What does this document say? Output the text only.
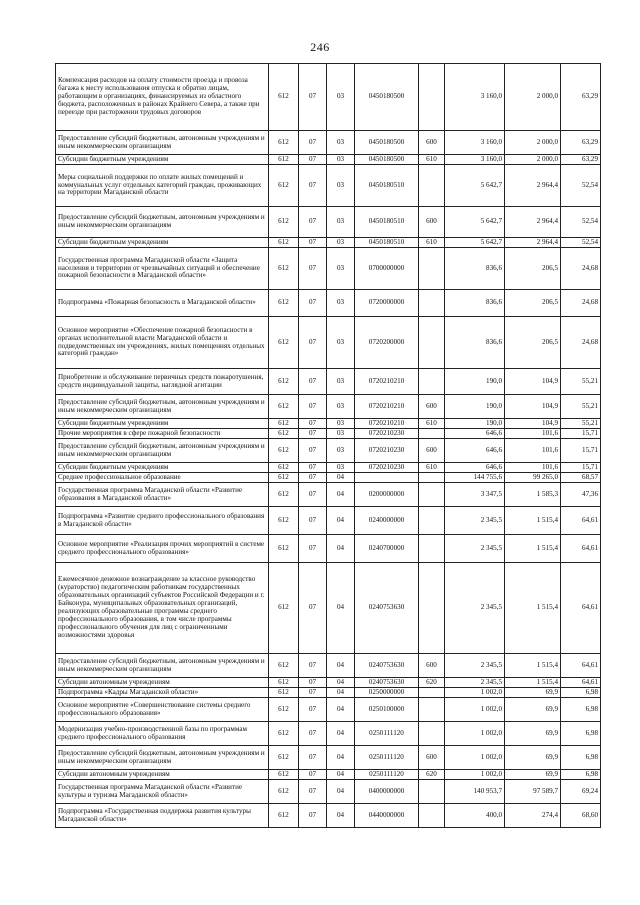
246
Компенсация расходов на оплату стоимости проезда и провоза багажа к месту использования отпуска и обратно лицам, работающим в организациях, финансируемых из областного бюджета, расположенных в районах Крайнего Севера, а также при переезде при расторжении трудовых договоров	612	07	03	0450180500		3 160,0	2 000,0	63,29
Предоставление субсидий бюджетным, автономным учреждениям и иным некоммерческим организациям	612	07	03	0450180500	600	3 160,0	2 000,0	63,29
Субсидии бюджетным учреждениям	612	07	03	0450180500	610	3 160,0	2 000,0	63,29
Меры социальной поддержки по оплате жилых помещений и коммунальных услуг отдельных категорий граждан, проживающих на территории Магаданской области	612	07	03	0450180510		5 642,7	2 964,4	52,54
Предоставление субсидий бюджетным, автономным учреждениям и иным некоммерческим организациям	612	07	03	0450180510	600	5 642,7	2 964,4	52,54
Субсидии бюджетным учреждениям	612	07	03	0450180510	610	5 642,7	2 964,4	52,54
Государственная программа Магаданской области «Защита населения и территории от чрезвычайных ситуаций и обеспечение пожарной безопасности в Магаданской области»	612	07	03	0700000000		836,6	206,5	24,68
Подпрограмма «Пожарная безопасность в Магаданской области»	612	07	03	0720000000		836,6	206,5	24,68
Основное мероприятие «Обеспечение пожарной безопасности в органах исполнительной власти Магаданской области и подведомственных им учреждениях, жилых помещениях отдельных категорий граждан»	612	07	03	0720200000		836,6	206,5	24,68
Приобретение и обслуживание первичных средств пожаротушения, средств индивидуальной защиты, наглядной агитации	612	07	03	0720210210		190,0	104,9	55,21
Предоставление субсидий бюджетным, автономным учреждениям и иным некоммерческим организациям	612	07	03	0720210210	600	190,0	104,9	55,21
Субсидии бюджетным учреждениям	612	07	03	0720210210	610	190,0	104,9	55,21
Прочие мероприятия в сфере пожарной безопасности	612	07	03	0720210230		646,6	101,6	15,71
Предоставление субсидий бюджетным, автономным учреждениям и иным некоммерческим организациям	612	07	03	0720210230	600	646,6	101,6	15,71
Субсидии бюджетным учреждениям	612	07	03	0720210230	610	646,6	101,6	15,71
Среднее профессиональное образование	612	07	04			144 755,6	99 265,0	68,57
Государственная программа Магаданской области «Развитие образования в Магаданской области»	612	07	04	0200000000		3 347,5	1 585,3	47,36
Подпрограмма «Развитие среднего профессионального образования в Магаданской области»	612	07	04	0240000000		2 345,5	1 515,4	64,61
Основное мероприятие «Реализация прочих мероприятий в системе среднего профессионального образования»	612	07	04	0240700000		2 345,5	1 515,4	64,61
Ежемесячное денежное вознаграждение за классное руководство (кураторство) педагогическим работникам государственных образовательных организаций субъектов Российской Федерации и г. Байконура, муниципальных образовательных организаций, реализующих образовательные программы среднего профессионального образования, в том числе программы профессионального обучения для лиц с ограниченными возможностями здоровья	612	07	04	0240753630		2 345,5	1 515,4	64,61
Предоставление субсидий бюджетным, автономным учреждениям и иным некоммерческим организациям	612	07	04	0240753630	600	2 345,5	1 515,4	64,61
Субсидии автономным учреждениям	612	07	04	0240753630	620	2 345,5	1 515,4	64,61
Подпрограмма «Кадры Магаданской области»	612	07	04	0250000000		1 002,0	69,9	6,98
Основное мероприятие «Совершенствование системы среднего профессионального образования»	612	07	04	0250100000		1 002,0	69,9	6,98
Модернизация учебно-производственной базы по программам среднего профессионального образования	612	07	04	0250111120		1 002,0	69,9	6,98
Предоставление субсидий бюджетным, автономным учреждениям и иным некоммерческим организациям	612	07	04	0250111120	600	1 002,0	69,9	6,98
Субсидии автономным учреждениям	612	07	04	0250111120	620	1 002,0	69,9	6,98
Государственная программа Магаданской области «Развитие культуры и туризма Магаданской области»	612	07	04	0400000000		140 953,7	97 589,7	69,24
Подпрограмма «Государственная поддержка развития культуры Магаданской области»	612	07	04	0440000000		400,0	274,4	68,60
